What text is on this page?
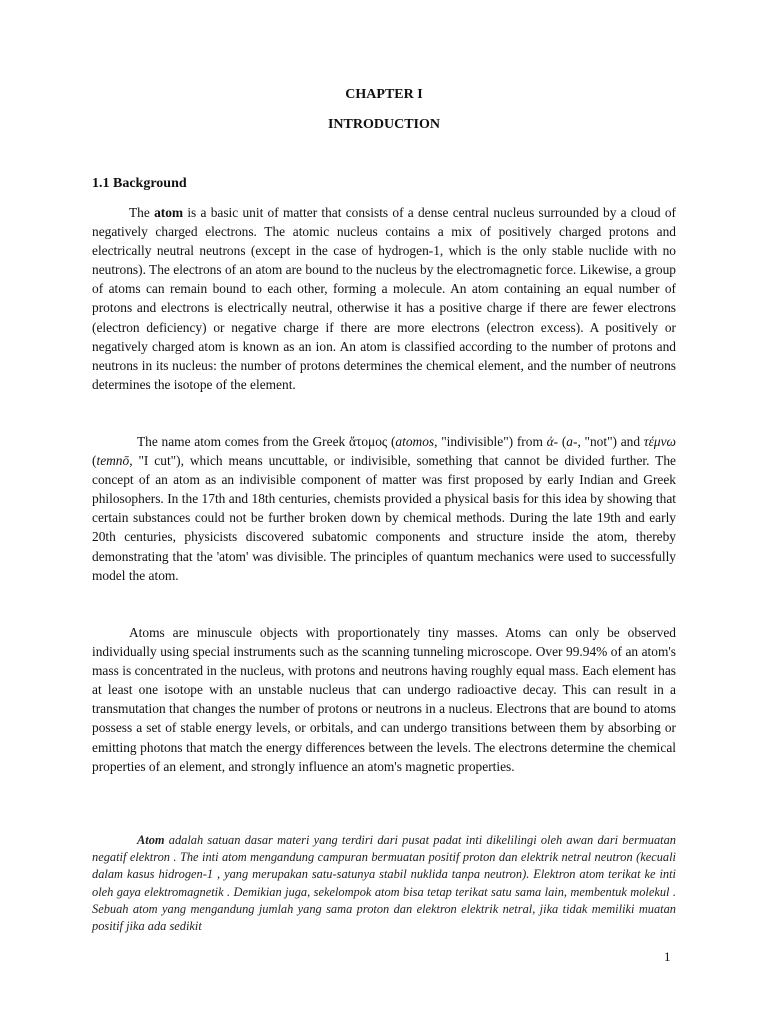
CHAPTER I
INTRODUCTION
1.1 Background

The atom is a basic unit of matter that consists of a dense central nucleus surrounded by a cloud of negatively charged electrons. The atomic nucleus contains a mix of positively charged protons and electrically neutral neutrons (except in the case of hydrogen-1, which is the only stable nuclide with no neutrons). The electrons of an atom are bound to the nucleus by the electromagnetic force. Likewise, a group of atoms can remain bound to each other, forming a molecule. An atom containing an equal number of protons and electrons is electrically neutral, otherwise it has a positive charge if there are fewer electrons (electron deficiency) or negative charge if there are more electrons (electron excess). A positively or negatively charged atom is known as an ion. An atom is classified according to the number of protons and neutrons in its nucleus: the number of protons determines the chemical element, and the number of neutrons determines the isotope of the element.

The name atom comes from the Greek ἄτομος (atomos, "indivisible") from ἀ- (a-, "not") and τέμνω (temnō, "I cut"), which means uncuttable, or indivisible, something that cannot be divided further. The concept of an atom as an indivisible component of matter was first proposed by early Indian and Greek philosophers. In the 17th and 18th centuries, chemists provided a physical basis for this idea by showing that certain substances could not be further broken down by chemical methods. During the late 19th and early 20th centuries, physicists discovered subatomic components and structure inside the atom, thereby demonstrating that the 'atom' was divisible. The principles of quantum mechanics were used to successfully model the atom.

Atoms are minuscule objects with proportionately tiny masses. Atoms can only be observed individually using special instruments such as the scanning tunneling microscope. Over 99.94% of an atom's mass is concentrated in the nucleus, with protons and neutrons having roughly equal mass. Each element has at least one isotope with an unstable nucleus that can undergo radioactive decay. This can result in a transmutation that changes the number of protons or neutrons in a nucleus. Electrons that are bound to atoms possess a set of stable energy levels, or orbitals, and can undergo transitions between them by absorbing or emitting photons that match the energy differences between the levels. The electrons determine the chemical properties of an element, and strongly influence an atom's magnetic properties.

Atom adalah satuan dasar materi yang terdiri dari pusat padat inti dikelilingi oleh awan dari bermuatan negatif elektron . The inti atom mengandung campuran bermuatan positif proton dan elektrik netral neutron (kecuali dalam kasus hidrogen-1 , yang merupakan satu-satunya stabil nuklida tanpa neutron). Elektron atom terikat ke inti oleh gaya elektromagnetik . Demikian juga, sekelompok atom bisa tetap terikat satu sama lain, membentuk molekul . Sebuah atom yang mengandung jumlah yang sama proton dan elektron elektrik netral, jika tidak memiliki muatan positif jika ada sedikit

1
